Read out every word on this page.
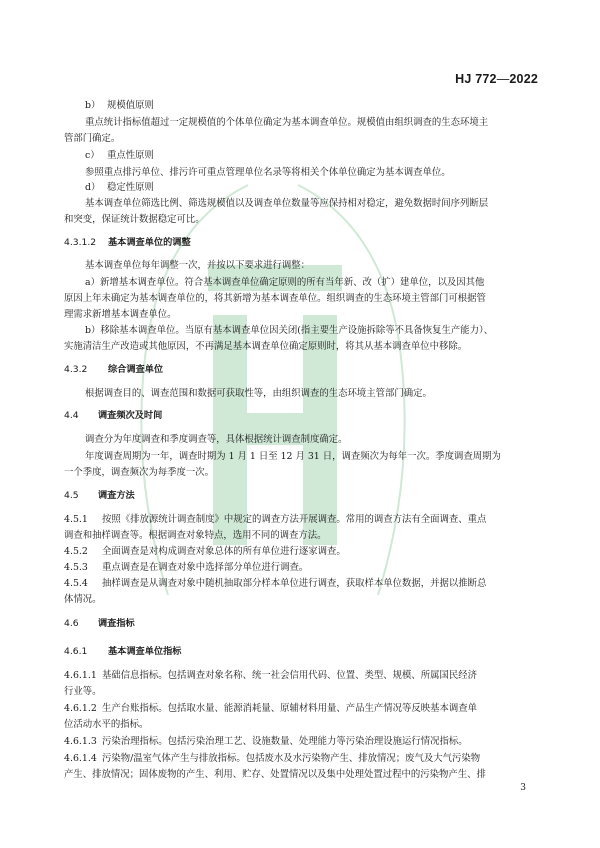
HJ 772—2022
b） 规模值原则
重点统计指标值超过一定规模值的个体单位确定为基本调查单位。规模值由组织调查的生态环境主
管部门确定。
c） 重点性原则
参照重点排污单位、排污许可重点管理单位名录等将相关个体单位确定为基本调查单位。
d） 稳定性原则
基本调查单位筛选比例、筛选规模值以及调查单位数量等应保持相对稳定，避免数据时间序列断层
和突变，保证统计数据稳定可比。
4.3.1.2 基本调查单位的调整
基本调查单位每年调整一次，并按以下要求进行调整：
a）新增基本调查单位。符合基本调查单位确定原则的所有当年新、改（扩）建单位，以及因其他
原因上年未确定为基本调查单位的，将其新增为基本调查单位。组织调查的生态环境主管部门可根据管
理需求新增基本调查单位。
b）移除基本调查单位。当原有基本调查单位因关闭(指主要生产设施拆除等不具备恢复生产能力）、
实施清洁生产改造或其他原因，不再满足基本调查单位确定原则时，将其从基本调查单位中移除。
4.3.2 综合调查单位
根据调查目的、调查范围和数据可获取性等，由组织调查的生态环境主管部门确定。
4.4 调查频次及时间
调查分为年度调查和季度调查等，具体根据统计调查制度确定。
年度调查周期为一年，调查时期为 1 月 1 日至 12 月 31 日，调查频次为每年一次。季度调查周期为
一个季度，调查频次为每季度一次。
4.5 调查方法
4.5.1 按照《排放源统计调查制度》中规定的调查方法开展调查。常用的调查方法有全面调查、重点
调查和抽样调查等。根据调查对象特点，选用不同的调查方法。
4.5.2 全面调查是对构成调查对象总体的所有单位进行逐家调查。
4.5.3 重点调查是在调查对象中选择部分单位进行调查。
4.5.4 抽样调查是从调查对象中随机抽取部分样本单位进行调查，获取样本单位数据，并据以推断总
体情况。
4.6 调查指标
4.6.1 基本调查单位指标
4.6.1.1 基础信息指标。包括调查对象名称、统一社会信用代码、位置、类型、规模、所属国民经济
行业等。
4.6.1.2 生产台账指标。包括取水量、能源消耗量、原辅材料用量、产品生产情况等反映基本调查单
位活动水平的指标。
4.6.1.3 污染治理指标。包括污染治理工艺、设施数量、处理能力等污染治理设施运行情况指标。
4.6.1.4 污染物/温室气体产生与排放指标。包括废水及水污染物产生、排放情况；废气及大气污染物
产生、排放情况；固体废物的产生、利用、贮存、处置情况以及集中处理处置过程中的污染物产生、排
3
